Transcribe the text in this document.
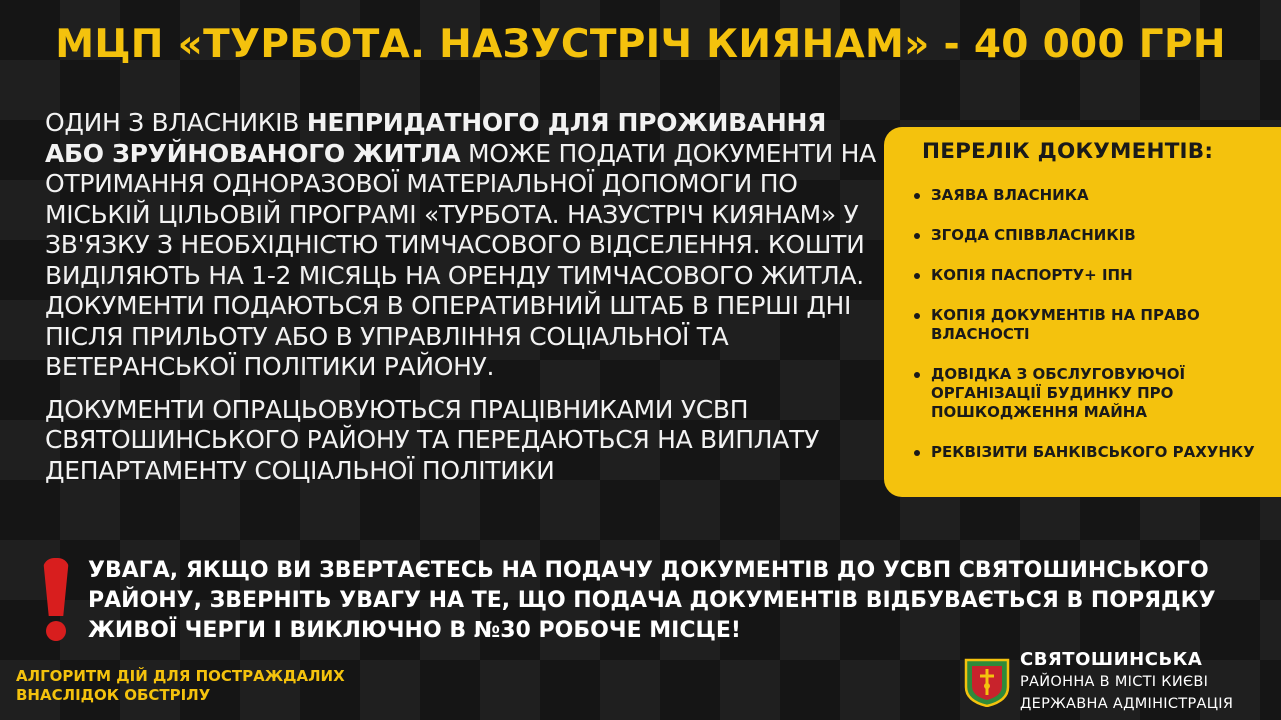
МЦП «ТУРБОТА. НАЗУСТРІЧ КИЯНАМ» - 40 000 ГРН

ОДИН З ВЛАСНИКІВ НЕПРИДАТНОГО ДЛЯ ПРОЖИВАННЯ АБО ЗРУЙНОВАНОГО ЖИТЛА МОЖЕ ПОДАТИ ДОКУМЕНТИ НА ОТРИМАННЯ ОДНОРАЗОВОЇ МАТЕРІАЛЬНОЇ ДОПОМОГИ ПО МІСЬКІЙ ЦІЛЬОВІЙ ПРОГРАМІ «ТУРБОТА. НАЗУСТРІЧ КИЯНАМ» У ЗВ'ЯЗКУ З НЕОБХІДНІСТЮ ТИМЧАСОВОГО ВІДСЕЛЕННЯ. КОШТИ ВИДІЛЯЮТЬ НА 1-2 МІСЯЦЬ НА ОРЕНДУ ТИМЧАСОВОГО ЖИТЛА. ДОКУМЕНТИ ПОДАЮТЬСЯ В ОПЕРАТИВНИЙ ШТАБ В ПЕРШІ ДНІ ПІСЛЯ ПРИЛЬОТУ АБО В УПРАВЛІННЯ СОЦІАЛЬНОЇ ТА ВЕТЕРАНСЬКОЇ ПОЛІТИКИ РАЙОНУ.

ДОКУМЕНТИ ОПРАЦЬОВУЮТЬСЯ ПРАЦІВНИКАМИ УСВП СВЯТОШИНСЬКОГО РАЙОНУ ТА ПЕРЕДАЮТЬСЯ НА ВИПЛАТУ ДЕПАРТАМЕНТУ СОЦІАЛЬНОЇ ПОЛІТИКИ

ПЕРЕЛІК ДОКУМЕНТІВ:
ЗАЯВА ВЛАСНИКА
ЗГОДА СПІВВЛАСНИКІВ
КОПІЯ ПАСПОРТУ+ ІПН
КОПІЯ ДОКУМЕНТІВ НА ПРАВО ВЛАСНОСТІ
ДОВІДКА З ОБСЛУГОВУЮЧОЇ ОРГАНІЗАЦІЇ БУДИНКУ ПРО ПОШКОДЖЕННЯ МАЙНА
РЕКВІЗИТИ БАНКІВСЬКОГО РАХУНКУ
УВАГА, ЯКЩО ВИ ЗВЕРТАЄТЕСЬ НА ПОДАЧУ ДОКУМЕНТІВ ДО УСВП СВЯТОШИНСЬКОГО РАЙОНУ, ЗВЕРНІТЬ УВАГУ НА ТЕ, ЩО ПОДАЧА ДОКУМЕНТІВ ВІДБУВАЄТЬСЯ В ПОРЯДКУ ЖИВОЇ ЧЕРГИ І ВИКЛЮЧНО В №30 РОБОЧЕ МІСЦЕ!
АЛГОРИТМ ДІЙ ДЛЯ ПОСТРАЖДАЛИХ
ВНАСЛІДОК ОБСТРІЛУ
СВЯТОШИНСЬКА
РАЙОННА В МІСТІ КИЄВІ
ДЕРЖАВНА АДМІНІСТРАЦІЯ
